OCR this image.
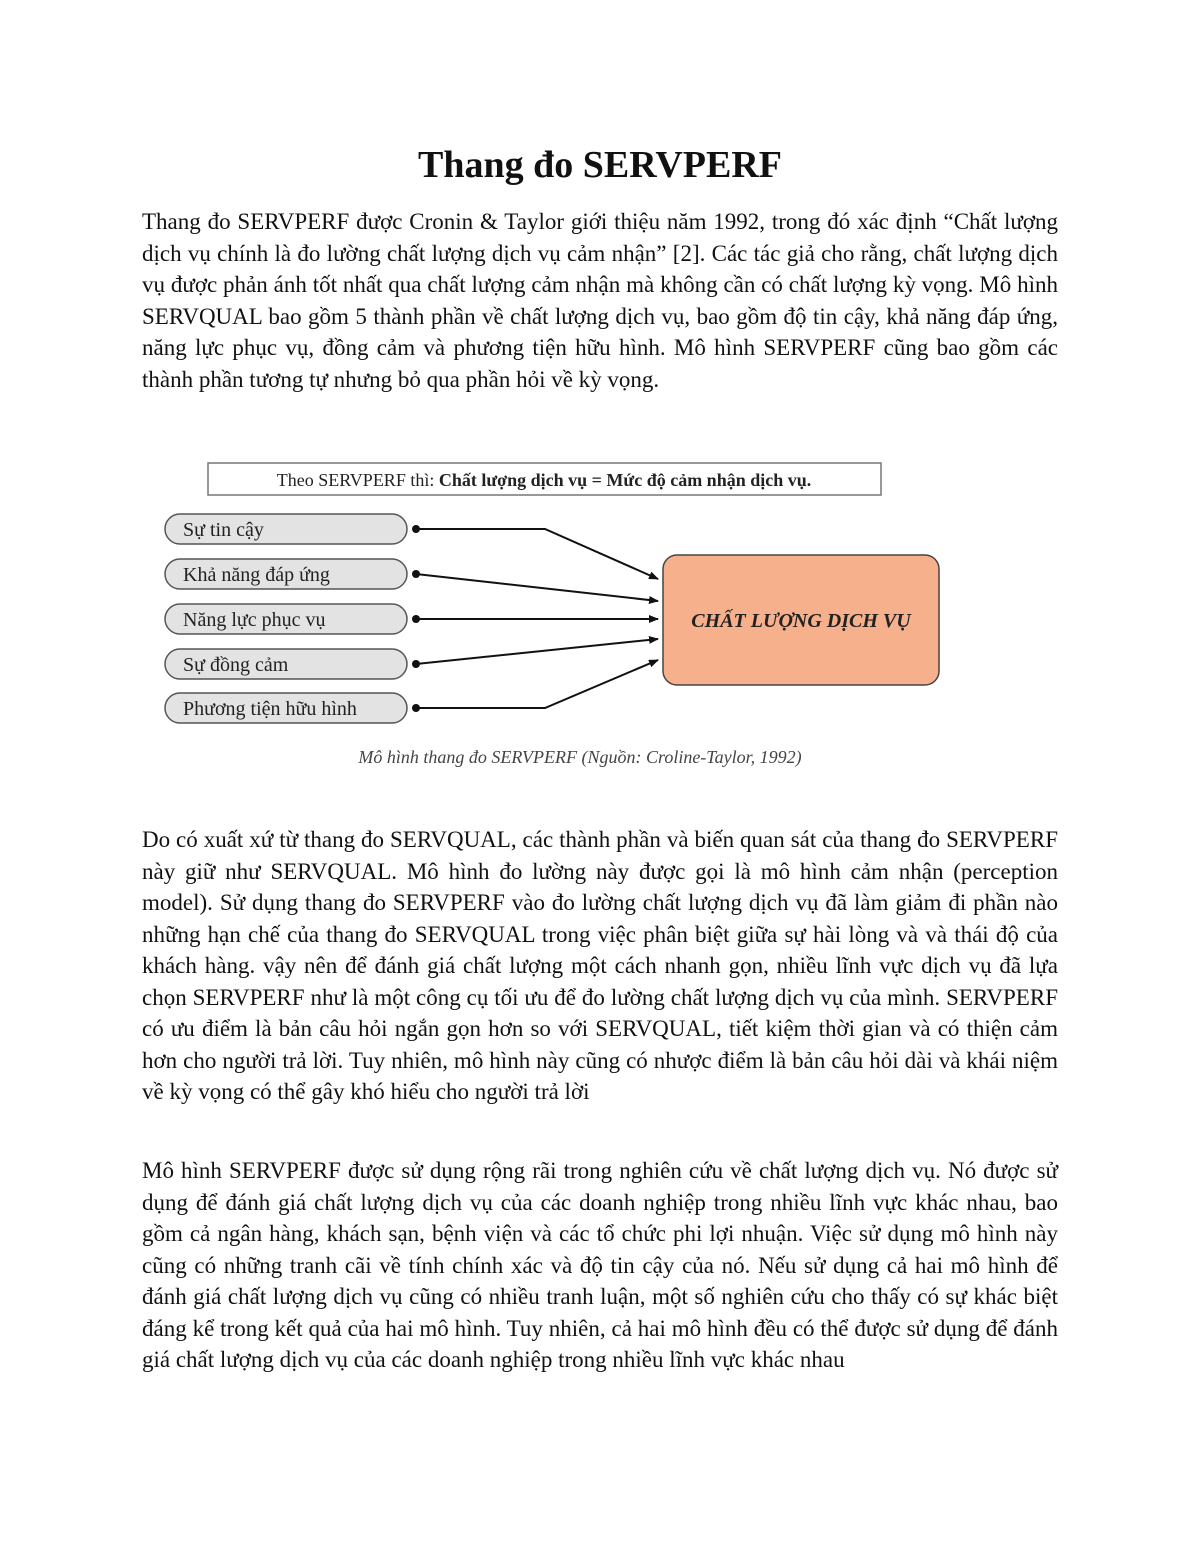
Thang đo SERVPERF

Thang đo SERVPERF được Cronin & Taylor giới thiệu năm 1992, trong đó xác định “Chất lượng dịch vụ chính là đo lường chất lượng dịch vụ cảm nhận” [2]. Các tác giả cho rằng, chất lượng dịch vụ được phản ánh tốt nhất qua chất lượng cảm nhận mà không cần có chất lượng kỳ vọng. Mô hình SERVQUAL bao gồm 5 thành phần về chất lượng dịch vụ, bao gồm độ tin cậy, khả năng đáp ứng, năng lực phục vụ, đồng cảm và phương tiện hữu hình. Mô hình SERVPERF cũng bao gồm các thành phần tương tự nhưng bỏ qua phần hỏi về kỳ vọng.

Theo SERVPERF thì: Chất lượng dịch vụ = Mức độ cảm nhận dịch vụ.
Sự tin cậy
Khả năng đáp ứng
Năng lực phục vụ
Sự đồng cảm
Phương tiện hữu hình
CHẤT LƯỢNG DỊCH VỤ
Mô hình thang đo SERVPERF (Nguồn: Croline-Taylor, 1992)

Do có xuất xứ từ thang đo SERVQUAL, các thành phần và biến quan sát của thang đo SERVPERF này giữ như SERVQUAL. Mô hình đo lường này được gọi là mô hình cảm nhận (perception model). Sử dụng thang đo SERVPERF vào đo lường chất lượng dịch vụ đã làm giảm đi phần nào những hạn chế của thang đo SERVQUAL trong việc phân biệt giữa sự hài lòng và và thái độ của khách hàng. vậy nên để đánh giá chất lượng một cách nhanh gọn, nhiều lĩnh vực dịch vụ đã lựa chọn SERVPERF như là một công cụ tối ưu để đo lường chất lượng dịch vụ của mình. SERVPERF có ưu điểm là bản câu hỏi ngắn gọn hơn so với SERVQUAL, tiết kiệm thời gian và có thiện cảm hơn cho người trả lời. Tuy nhiên, mô hình này cũng có nhược điểm là bản câu hỏi dài và khái niệm về kỳ vọng có thể gây khó hiểu cho người trả lời

Mô hình SERVPERF được sử dụng rộng rãi trong nghiên cứu về chất lượng dịch vụ. Nó được sử dụng để đánh giá chất lượng dịch vụ của các doanh nghiệp trong nhiều lĩnh vực khác nhau, bao gồm cả ngân hàng, khách sạn, bệnh viện và các tổ chức phi lợi nhuận. Việc sử dụng mô hình này cũng có những tranh cãi về tính chính xác và độ tin cậy của nó. Nếu sử dụng cả hai mô hình để đánh giá chất lượng dịch vụ cũng có nhiều tranh luận, một số nghiên cứu cho thấy có sự khác biệt đáng kể trong kết quả của hai mô hình. Tuy nhiên, cả hai mô hình đều có thể được sử dụng để đánh giá chất lượng dịch vụ của các doanh nghiệp trong nhiều lĩnh vực khác nhau
